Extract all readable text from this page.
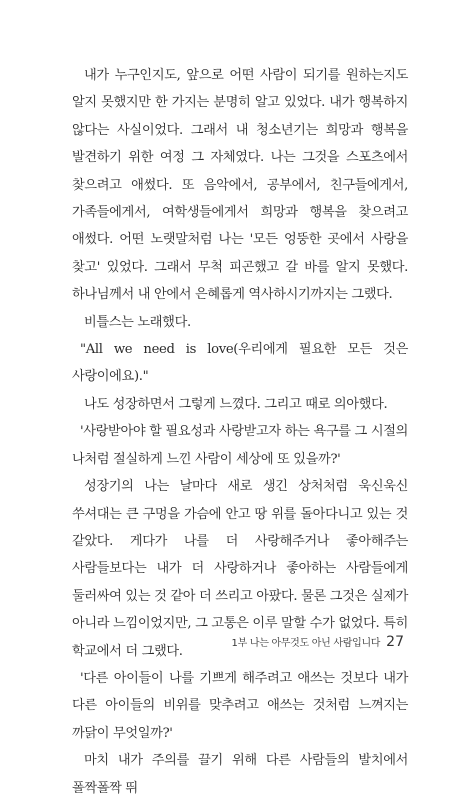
내가 누구인지도, 앞으로 어떤 사람이 되기를 원하는지도 알지 못했지만 한 가지는 분명히 알고 있었다. 내가 행복하지 않다는 사실이었다. 그래서 내 청소년기는 희망과 행복을 발견하기 위한 여정 그 자체였다. 나는 그것을 스포츠에서 찾으려고 애썼다. 또 음악에서, 공부에서, 친구들에게서, 가족들에게서, 여학생들에게서 희망과 행복을 찾으려고 애썼다. 어떤 노랫말처럼 나는 '모든 엉뚱한 곳에서 사랑을 찾고' 있었다. 그래서 무척 피곤했고 갈 바를 알지 못했다. 하나님께서 내 안에서 은혜롭게 역사하시기까지는 그랬다.

비틀스는 노래했다.

"All we need is love(우리에게 필요한 모든 것은 사랑이에요)."

나도 성장하면서 그렇게 느꼈다. 그리고 때로 의아했다.

'사랑받아야 할 필요성과 사랑받고자 하는 욕구를 그 시절의 나처럼 절실하게 느낀 사람이 세상에 또 있을까?'

성장기의 나는 날마다 새로 생긴 상처처럼 욱신욱신 쑤셔대는 큰 구멍을 가슴에 안고 땅 위를 돌아다니고 있는 것 같았다. 게다가 나를 더 사랑해주거나 좋아해주는 사람들보다는 내가 더 사랑하거나 좋아하는 사람들에게 둘러싸여 있는 것 같아 더 쓰리고 아팠다. 물론 그것은 실제가 아니라 느낌이었지만, 그 고통은 이루 말할 수가 없었다. 특히 학교에서 더 그랬다.

'다른 아이들이 나를 기쁘게 해주려고 애쓰는 것보다 내가 다른 아이들의 비위를 맞추려고 애쓰는 것처럼 느껴지는 까닭이 무엇일까?'

마치 내가 주의를 끌기 위해 다른 사람들의 발치에서 폴짝폴짝 뛰

1부 나는 아무것도 아닌 사람입니다 27
